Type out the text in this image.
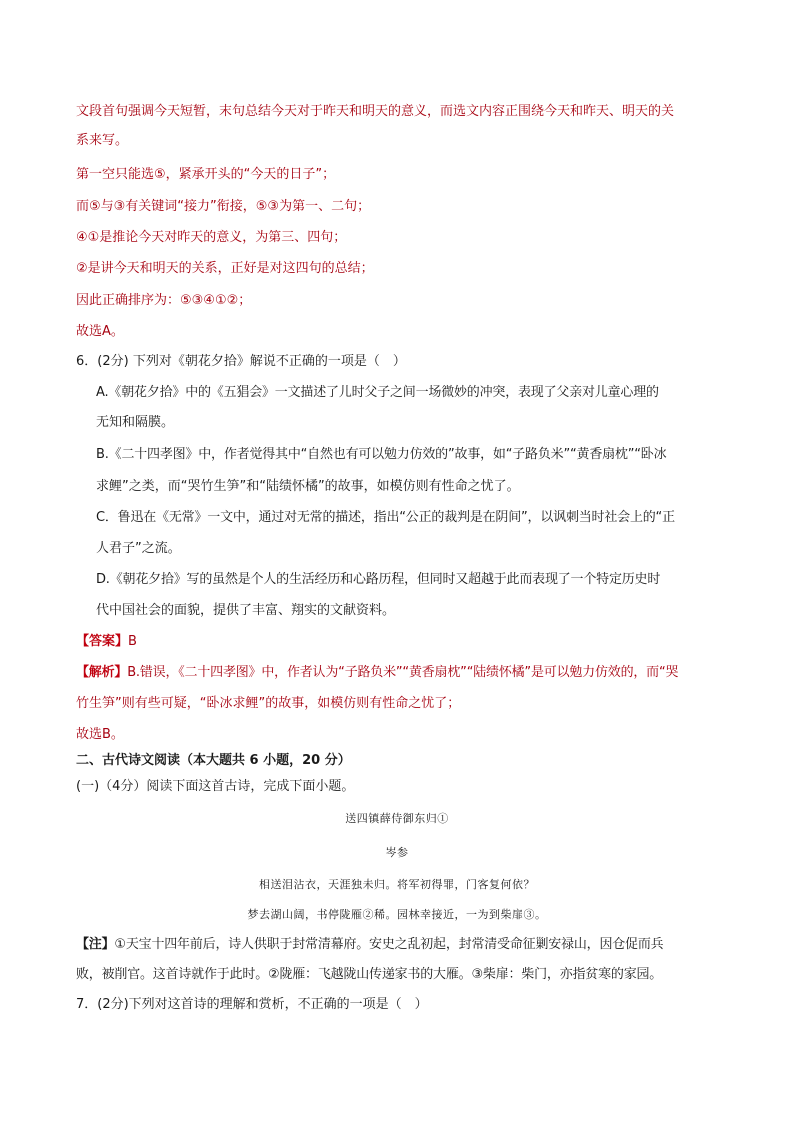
文段首句强调今天短暂，末句总结今天对于昨天和明天的意义，而选文内容正围绕今天和昨天、明天的关
系来写。
第一空只能选⑤，紧承开头的“今天的日子”；
而⑤与③有关键词“接力”衔接，⑤③为第一、二句；
④①是推论今天对昨天的意义，为第三、四句；
②是讲今天和明天的关系，正好是对这四句的总结；
因此正确排序为：⑤③④①②；
故选A。
6．(2分) 下列对《朝花夕拾》解说不正确的一项是（　）
A.《朝花夕拾》中的《五猖会》一文描述了儿时父子之间一场微妙的冲突，表现了父亲对儿童心理的
无知和隔膜。
B.《二十四孝图》中，作者觉得其中“自然也有可以勉力仿效的”故事，如“子路负米”“黄香扇枕”“卧冰
求鲤”之类，而“哭竹生笋”和“陆绩怀橘”的故事，如模仿则有性命之忧了。
C．鲁迅在《无常》一文中，通过对无常的描述，指出“公正的裁判是在阴间”，以讽刺当时社会上的“正
人君子”之流。
D.《朝花夕拾》写的虽然是个人的生活经历和心路历程，但同时又超越于此而表现了一个特定历史时
代中国社会的面貌，提供了丰富、翔实的文献资料。
【答案】B
【解析】B.错误，《二十四孝图》中，作者认为“子路负米”“黄香扇枕”“陆绩怀橘”是可以勉力仿效的，而“哭
竹生笋”则有些可疑，“卧冰求鲤”的故事，如模仿则有性命之忧了；
故选B。
二、古代诗文阅读（本大题共 6 小题，20 分）
(一)（4分）阅读下面这首古诗，完成下面小题。
送四镇薛侍御东归①
岑参
相送泪沾衣，天涯独未归。将军初得罪，门客复何依？
梦去湖山阔，书停陇雁②稀。园林幸接近，一为到柴扉③。
【注】①天宝十四年前后，诗人供职于封常清幕府。安史之乱初起，封常清受命征剿安禄山，因仓促而兵
败，被削官。这首诗就作于此时。②陇雁：飞越陇山传递家书的大雁。③柴扉：柴门，亦指贫寒的家园。
7．(2分)下列对这首诗的理解和赏析，不正确的一项是（　）
